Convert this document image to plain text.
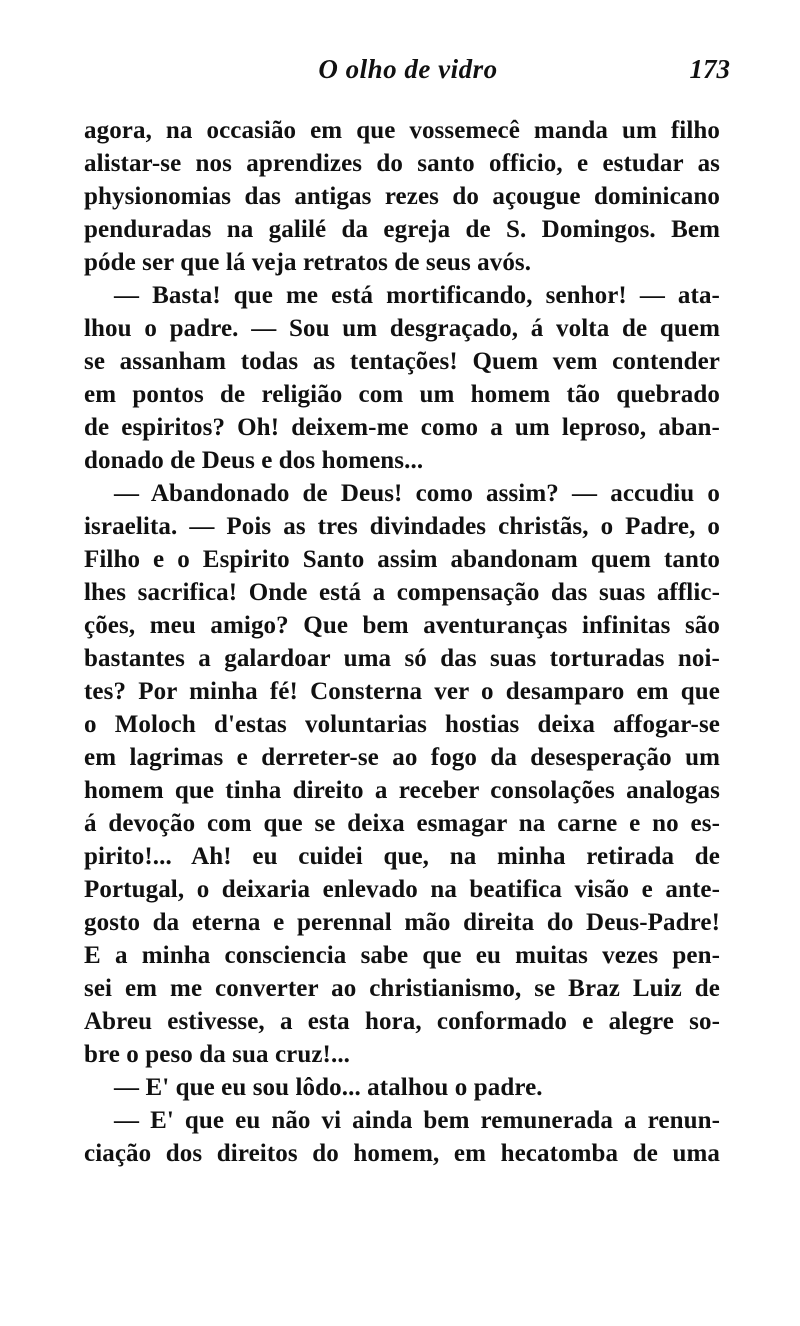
O olho de vidro	173
agora, na occasião em que vossemecê manda um filho
alistar-se nos aprendizes do santo officio, e estudar as
physionomias das antigas rezes do açougue dominicano
penduradas na galilé da egreja de S. Domingos. Bem
póde ser que lá veja retratos de seus avós.
— Basta! que me está mortificando, senhor! — ata-
lhou o padre. — Sou um desgraçado, á volta de quem
se assanham todas as tentações! Quem vem contender
em pontos de religião com um homem tão quebrado
de espiritos? Oh! deixem-me como a um leproso, aban-
donado de Deus e dos homens...
— Abandonado de Deus! como assim? — accudiu o
israelita. — Pois as tres divindades christãs, o Padre, o
Filho e o Espirito Santo assim abandonam quem tanto
lhes sacrifica! Onde está a compensação das suas afflic-
ções, meu amigo? Que bem aventuranças infinitas são
bastantes a galardoar uma só das suas torturadas noi-
tes? Por minha fé! Consterna ver o desamparo em que
o Moloch d'estas voluntarias hostias deixa affogar-se
em lagrimas e derreter-se ao fogo da desesperação um
homem que tinha direito a receber consolações analogas
á devoção com que se deixa esmagar na carne e no es-
pirito!... Ah! eu cuidei que, na minha retirada de
Portugal, o deixaria enlevado na beatifica visão e ante-
gosto da eterna e perennal mão direita do Deus-Padre!
E a minha consciencia sabe que eu muitas vezes pen-
sei em me converter ao christianismo, se Braz Luiz de
Abreu estivesse, a esta hora, conformado e alegre so-
bre o peso da sua cruz!...
— E' que eu sou lôdo... atalhou o padre.
— E' que eu não vi ainda bem remunerada a renun-
ciação dos direitos do homem, em hecatomba de uma
